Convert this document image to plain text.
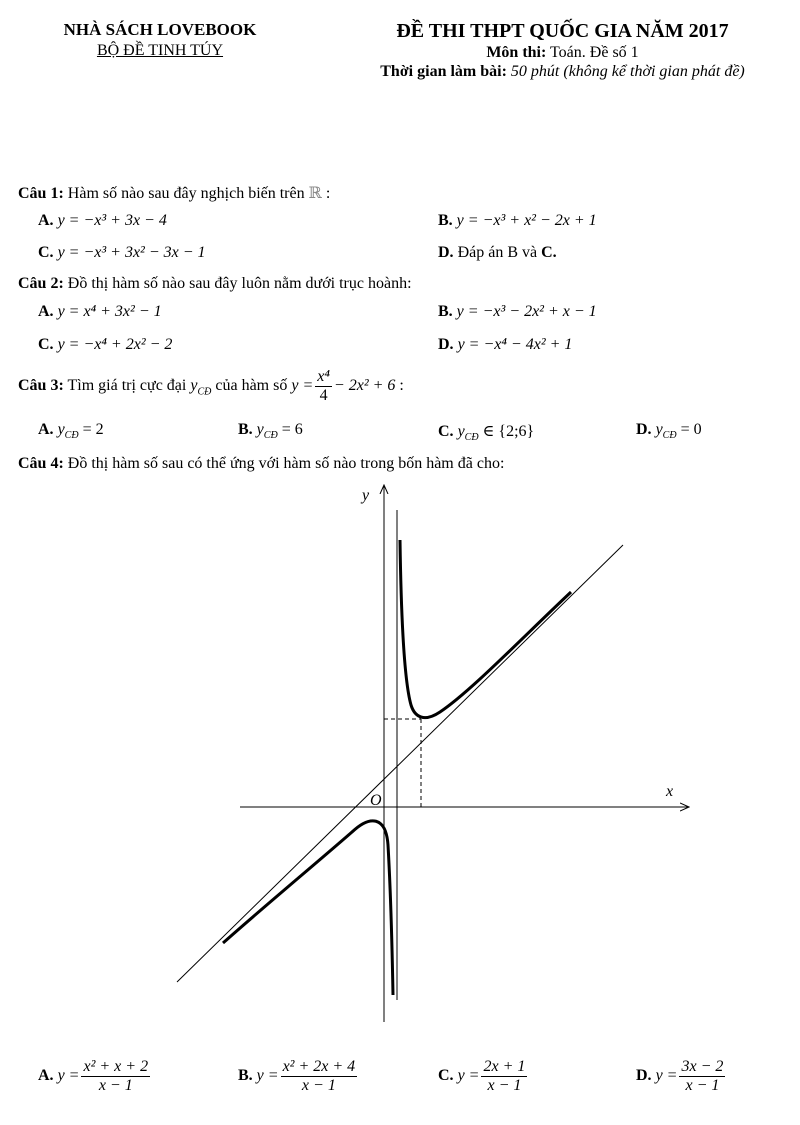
NHÀ SÁCH LOVEBOOK
BỘ ĐỀ TINH TÚY
ĐỀ THI THPT QUỐC GIA NĂM 2017
Môn thi: Toán. Đề số 1
Thời gian làm bài: 50 phút (không kể thời gian phát đề)
Câu 1: Hàm số nào sau đây nghịch biến trên ℝ :
A. y = −x³ + 3x − 4	B. y = −x³ + x² − 2x + 1
C. y = −x³ + 3x² − 3x − 1	D. Đáp án B và C.
Câu 2: Đồ thị hàm số nào sau đây luôn nằm dưới trục hoành:
A. y = x⁴ + 3x² − 1	B. y = −x³ − 2x² + x − 1
C. y = −x⁴ + 2x² − 2	D. y = −x⁴ − 4x² + 1
Câu 3: Tìm giá trị cực đại $y_{CĐ}$ của hàm số $y = \frac{\text{x⁴}}{4} - 2x^2 + 6$ :
A. $y_{CĐ} = 2$	B. $y_{CĐ} = 6$	C. $y_{CĐ}$ ∈ {2;6}	D. $y_{CĐ} = 0$
Câu 4: Đồ thị hàm số sau có thể ứng với hàm số nào trong bốn hàm đã cho:
y
x
O
A. $y = \frac{\text{x² + x + 2}}{x - 1}$	B. $y = \frac{\text{x² + 2x + 4}}{x - 1}$	C. $y = \frac{2x + 1}{x - 1}$	D. $y = \frac{3x - 2}{x - 1}$
